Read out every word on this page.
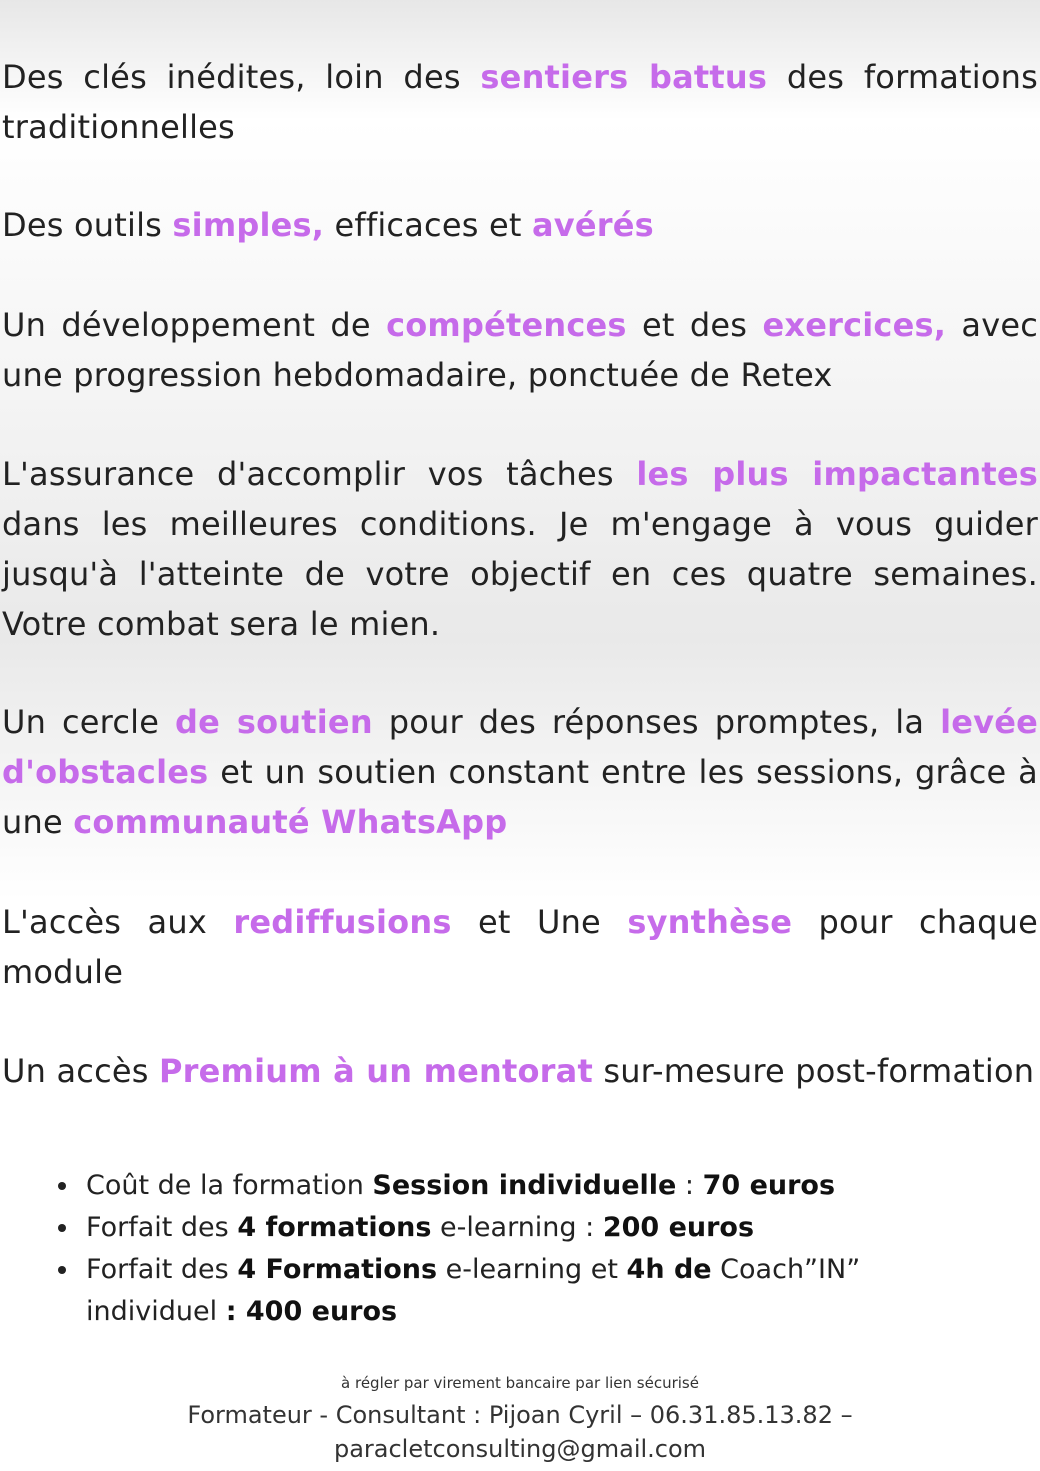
Des clés inédites, loin des sentiers battus des formations traditionnelles

Des outils simples, efficaces et avérés

Un développement de compétences et des exercices, avec une progression hebdomadaire, ponctuée de Retex

L'assurance d'accomplir vos tâches les plus impactantes dans les meilleures conditions. Je m'engage à vous guider jusqu'à l'atteinte de votre objectif en ces quatre semaines. Votre combat sera le mien.

Un cercle de soutien pour des réponses promptes, la levée d'obstacles et un soutien constant entre les sessions, grâce à une communauté WhatsApp

L'accès aux rediffusions et Une synthèse pour chaque module

Un accès Premium à un mentorat sur-mesure post-formation

Coût de la formation Session individuelle : 70 euros
Forfait des 4 formations e-learning : 200 euros
Forfait des 4 Formations e-learning et 4h de Coach”IN” individuel : 400 euros
à régler par virement bancaire par lien sécurisé
Formateur - Consultant : Pijoan Cyril – 06.31.85.13.82 – paracletconsulting@gmail.com
